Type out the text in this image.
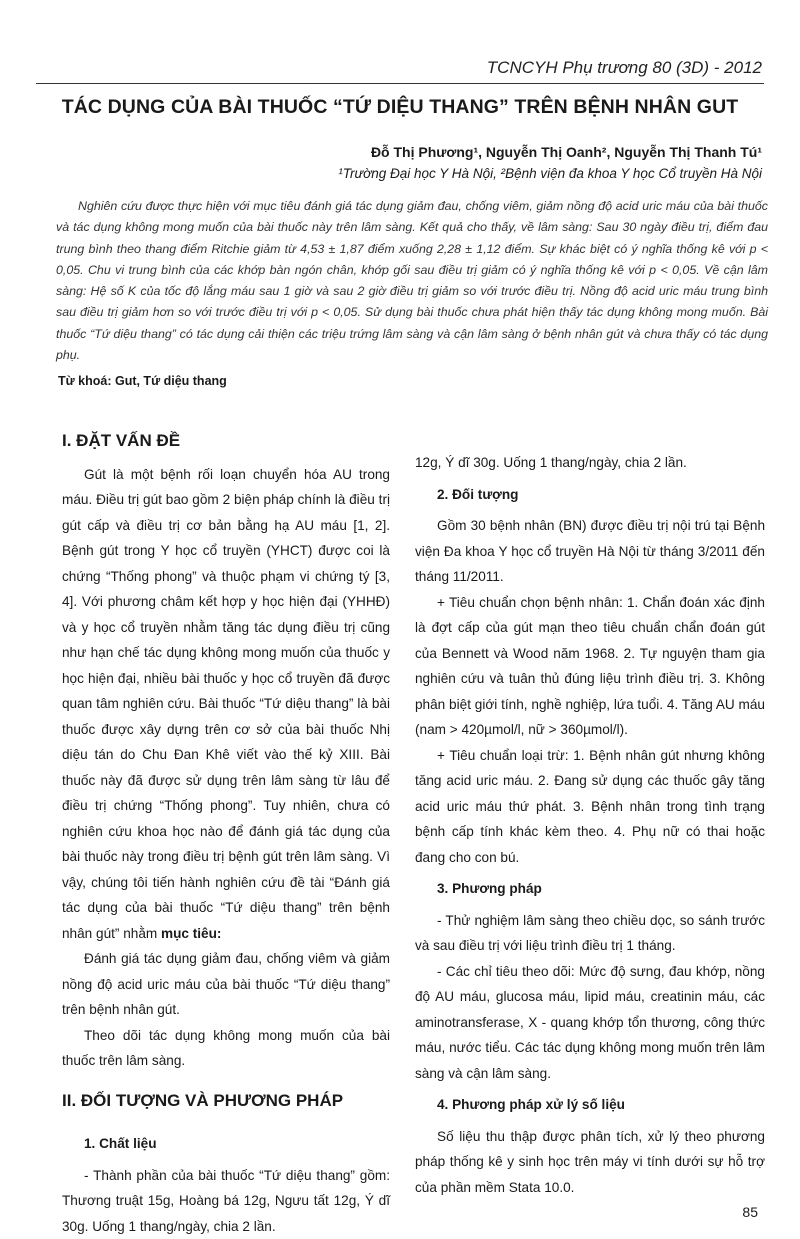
TCNCYH Phụ trương 80 (3D) - 2012
TÁC DỤNG CỦA BÀI THUỐC “TỨ DIỆU THANG” TRÊN BỆNH NHÂN GUT
Đỗ Thị Phương¹, Nguyễn Thị Oanh², Nguyễn Thị Thanh Tú¹
¹Trường Đại học Y Hà Nội, ²Bệnh viện đa khoa Y học Cổ truyền Hà Nội
Nghiên cứu được thực hiện với mục tiêu đánh giá tác dụng giảm đau, chống viêm, giảm nồng độ acid uric máu của bài thuốc và tác dụng không mong muốn của bài thuốc này trên lâm sàng. Kết quả cho thấy, về lâm sàng: Sau 30 ngày điều trị, điểm đau trung bình theo thang điểm Ritchie giảm từ 4,53 ± 1,87 điểm xuống 2,28 ± 1,12 điểm. Sự khác biệt có ý nghĩa thống kê với p < 0,05. Chu vi trung bình của các khớp bàn ngón chân, khớp gối sau điều trị giảm có ý nghĩa thống kê với p < 0,05. Về cận lâm sàng: Hệ số K của tốc độ lắng máu sau 1 giờ và sau 2 giờ điều trị giảm so với trước điều trị. Nồng độ acid uric máu trung bình sau điều trị giảm hơn so với trước điều trị với p < 0,05. Sử dụng bài thuốc chưa phát hiện thấy tác dụng không mong muốn. Bài thuốc “Tứ diệu thang” có tác dụng cải thiện các triệu trứng lâm sàng và cận lâm sàng ở bệnh nhân gút và chưa thấy có tác dụng phụ.
Từ khoá: Gut, Tứ diệu thang
I. ĐẶT VẤN ĐỀ

Gút là một bệnh rối loạn chuyển hóa AU trong máu. Điều trị gút bao gồm 2 biện pháp chính là điều trị gút cấp và điều trị cơ bản bằng hạ AU máu [1, 2]. Bệnh gút trong Y học cổ truyền (YHCT) được coi là chứng “Thống phong” và thuộc phạm vi chứng tý [3, 4]. Với phương châm kết hợp y học hiện đại (YHHĐ) và y học cổ truyền nhằm tăng tác dụng điều trị cũng như hạn chế tác dụng không mong muốn của thuốc y học hiện đại, nhiều bài thuốc y học cổ truyền đã được quan tâm nghiên cứu. Bài thuốc “Tứ diệu thang” là bài thuốc được xây dựng trên cơ sở của bài thuốc Nhị diệu tán do Chu Đan Khê viết vào thế kỷ XIII. Bài thuốc này đã được sử dụng trên lâm sàng từ lâu để điều trị chứng “Thống phong”. Tuy nhiên, chưa có nghiên cứu khoa học nào để đánh giá tác dụng của bài thuốc này trong điều trị bệnh gút trên lâm sàng. Vì vậy, chúng tôi tiến hành nghiên cứu đề tài “Đánh giá tác dụng của bài thuốc “Tứ diệu thang” trên bệnh nhân gút” nhằm mục tiêu:

Đánh giá tác dụng giảm đau, chống viêm và giảm nồng độ acid uric máu của bài thuốc “Tứ diệu thang” trên bệnh nhân gút.

Theo dõi tác dụng không mong muốn của bài thuốc trên lâm sàng.

II. ĐỐI TƯỢNG VÀ PHƯƠNG PHÁP
1. Chất liệu

- Thành phần của bài thuốc “Tứ diệu thang” gồm: Thương truật 15g, Hoàng bá 12g, Ngưu tất 12g, Ý dĩ 30g. Uống 1 thang/ngày, chia 2 lần.

12g, Ý dĩ 30g. Uống 1 thang/ngày, chia 2 lần.

2. Đối tượng

Gồm 30 bệnh nhân (BN) được điều trị nội trú tại Bệnh viện Đa khoa Y học cổ truyền Hà Nội từ tháng 3/2011 đến tháng 11/2011.

+ Tiêu chuẩn chọn bệnh nhân: 1. Chẩn đoán xác định là đợt cấp của gút mạn theo tiêu chuẩn chẩn đoán gút của Bennett và Wood năm 1968. 2. Tự nguyện tham gia nghiên cứu và tuân thủ đúng liệu trình điều trị. 3. Không phân biệt giới tính, nghề nghiệp, lứa tuổi. 4. Tăng AU máu (nam > 420µmol/l, nữ > 360µmol/l).

+ Tiêu chuẩn loại trừ: 1. Bệnh nhân gút nhưng không tăng acid uric máu. 2. Đang sử dụng các thuốc gây tăng acid uric máu thứ phát. 3. Bệnh nhân trong tình trạng bệnh cấp tính khác kèm theo. 4. Phụ nữ có thai hoặc đang cho con bú.

3. Phương pháp

- Thử nghiệm lâm sàng theo chiều dọc, so sánh trước và sau điều trị với liệu trình điều trị 1 tháng.

- Các chỉ tiêu theo dõi: Mức độ sưng, đau khớp, nồng độ AU máu, glucosa máu, lipid máu, creatinin máu, các aminotransferase, X - quang khớp tổn thương, công thức máu, nước tiểu. Các tác dụng không mong muốn trên lâm sàng và cận lâm sàng.

4. Phương pháp xử lý số liệu

Số liệu thu thập được phân tích, xử lý theo phương pháp thống kê y sinh học trên máy vi tính dưới sự hỗ trợ của phần mềm Stata 10.0.

85
